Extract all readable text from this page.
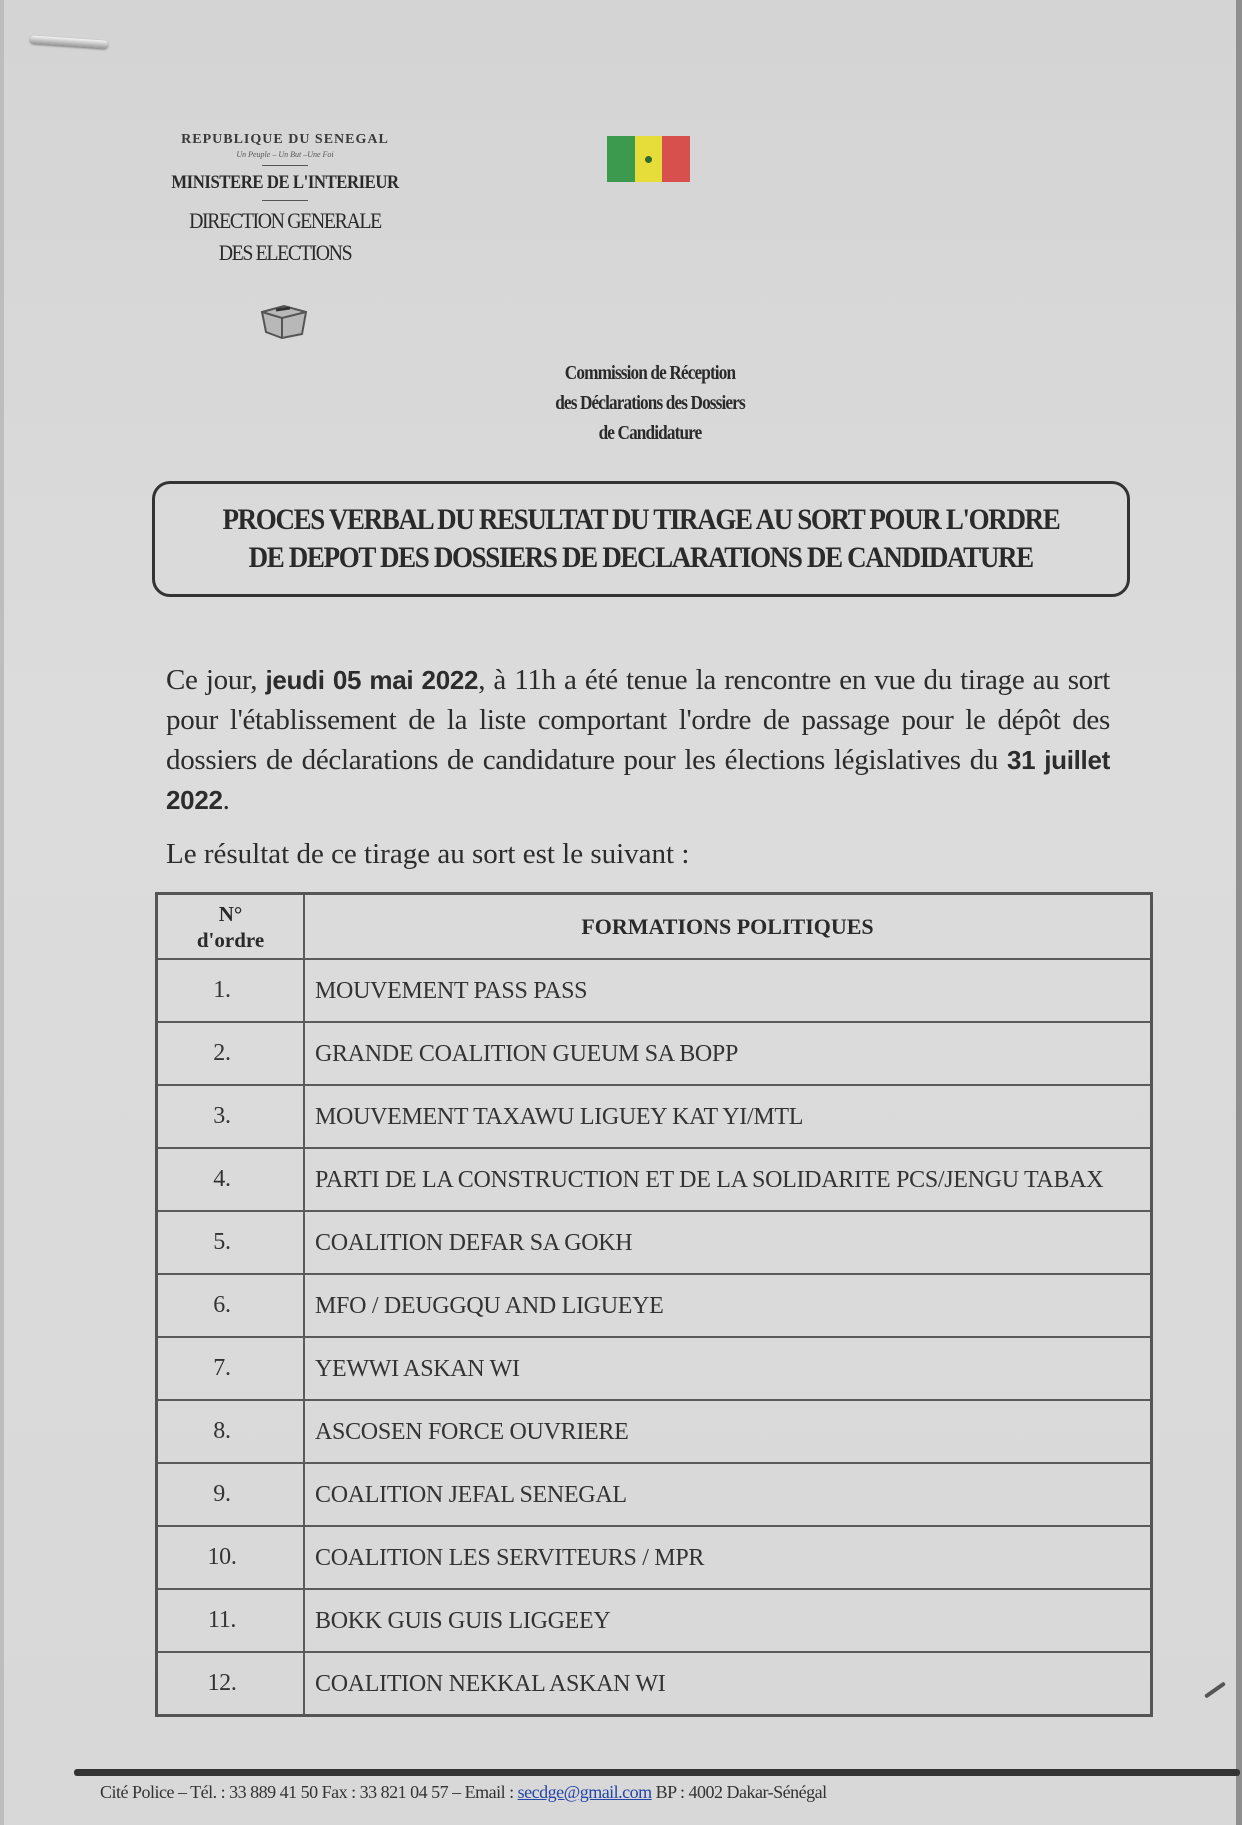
REPUBLIQUE DU SENEGAL
Un Peuple – Un But –Une Foi
MINISTERE DE L'INTERIEUR
DIRECTION GENERALE
DES ELECTIONS
Commission de Réception
des Déclarations des Dossiers
de Candidature
PROCES VERBAL DU RESULTAT DU TIRAGE AU SORT POUR L'ORDRE
DE DEPOT DES DOSSIERS DE DECLARATIONS DE CANDIDATURE
Ce jour, jeudi 05 mai 2022, à 11h a été tenue la rencontre en vue du tirage au sort pour l'établissement de la liste comportant l'ordre de passage pour le dépôt des dossiers de déclarations de candidature pour les élections législatives du 31 juillet 2022.
Le résultat de ce tirage au sort est le suivant :
N°
d'ordre	FORMATIONS POLITIQUES
1.	MOUVEMENT PASS PASS
2.	GRANDE COALITION GUEUM SA BOPP
3.	MOUVEMENT TAXAWU LIGUEY KAT YI/MTL
4.	PARTI DE LA CONSTRUCTION ET DE LA SOLIDARITE PCS/JENGU TABAX
5.	COALITION DEFAR SA GOKH
6.	MFO / DEUGGQU AND LIGUEYE
7.	YEWWI ASKAN WI
8.	ASCOSEN FORCE OUVRIERE
9.	COALITION JEFAL SENEGAL
10.	COALITION LES SERVITEURS / MPR
11.	BOKK GUIS GUIS LIGGEEY
12.	COALITION NEKKAL ASKAN WI
Cité Police – Tél. : 33 889 41 50 Fax : 33 821 04 57 – Email : secdge@gmail.com BP : 4002 Dakar-Sénégal
